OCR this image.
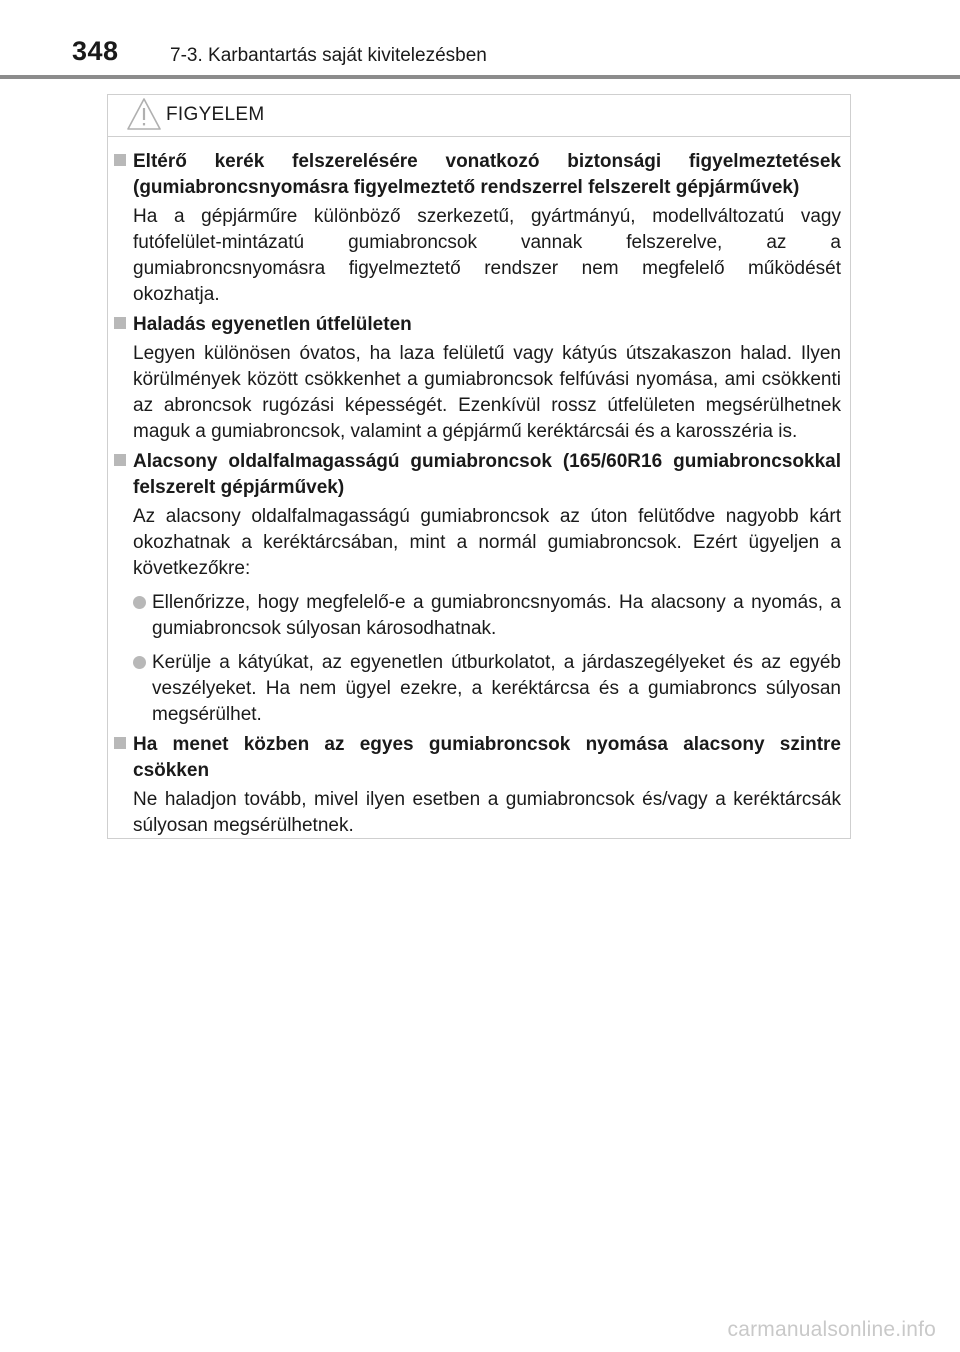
348	7-3. Karbantartás saját kivitelezésben
FIGYELEM

Eltérő kerék felszerelésére vonatkozó biztonsági figyelmeztetések (gumiabroncsnyomásra figyelmeztető rendszerrel felszerelt gépjárművek)

Ha a gépjárműre különböző szerkezetű, gyártmányú, modellváltozatú vagy futófelület-mintázatú gumiabroncsok vannak felszerelve, az a gumiabroncsnyomásra figyelmeztető rendszer nem megfelelő működését okozhatja.

Haladás egyenetlen útfelületen

Legyen különösen óvatos, ha laza felületű vagy kátyús útszakaszon halad. Ilyen körülmények között csökkenhet a gumiabroncsok felfúvási nyomása, ami csökkenti az abroncsok rugózási képességét. Ezenkívül rossz útfelületen megsérülhetnek maguk a gumiabroncsok, valamint a gépjármű keréktárcsái és a karosszéria is.

Alacsony oldalfalmagasságú gumiabroncsok (165/60R16 gumiabroncsokkal felszerelt gépjárművek)

Az alacsony oldalfalmagasságú gumiabroncsok az úton felütődve nagyobb kárt okozhatnak a keréktárcsában, mint a normál gumiabroncsok. Ezért ügyeljen a következőkre:

Ellenőrizze, hogy megfelelő-e a gumiabroncsnyomás. Ha alacsony a nyomás, a gumiabroncsok súlyosan károsodhatnak.
Kerülje a kátyúkat, az egyenetlen útburkolatot, a járdaszegélyeket és az egyéb veszélyeket. Ha nem ügyel ezekre, a keréktárcsa és a gumiabroncs súlyosan megsérülhet.

Ha menet közben az egyes gumiabroncsok nyomása alacsony szintre csökken

Ne haladjon tovább, mivel ilyen esetben a gumiabroncsok és/vagy a keréktárcsák súlyosan megsérülhetnek.

carmanualsonline.info
